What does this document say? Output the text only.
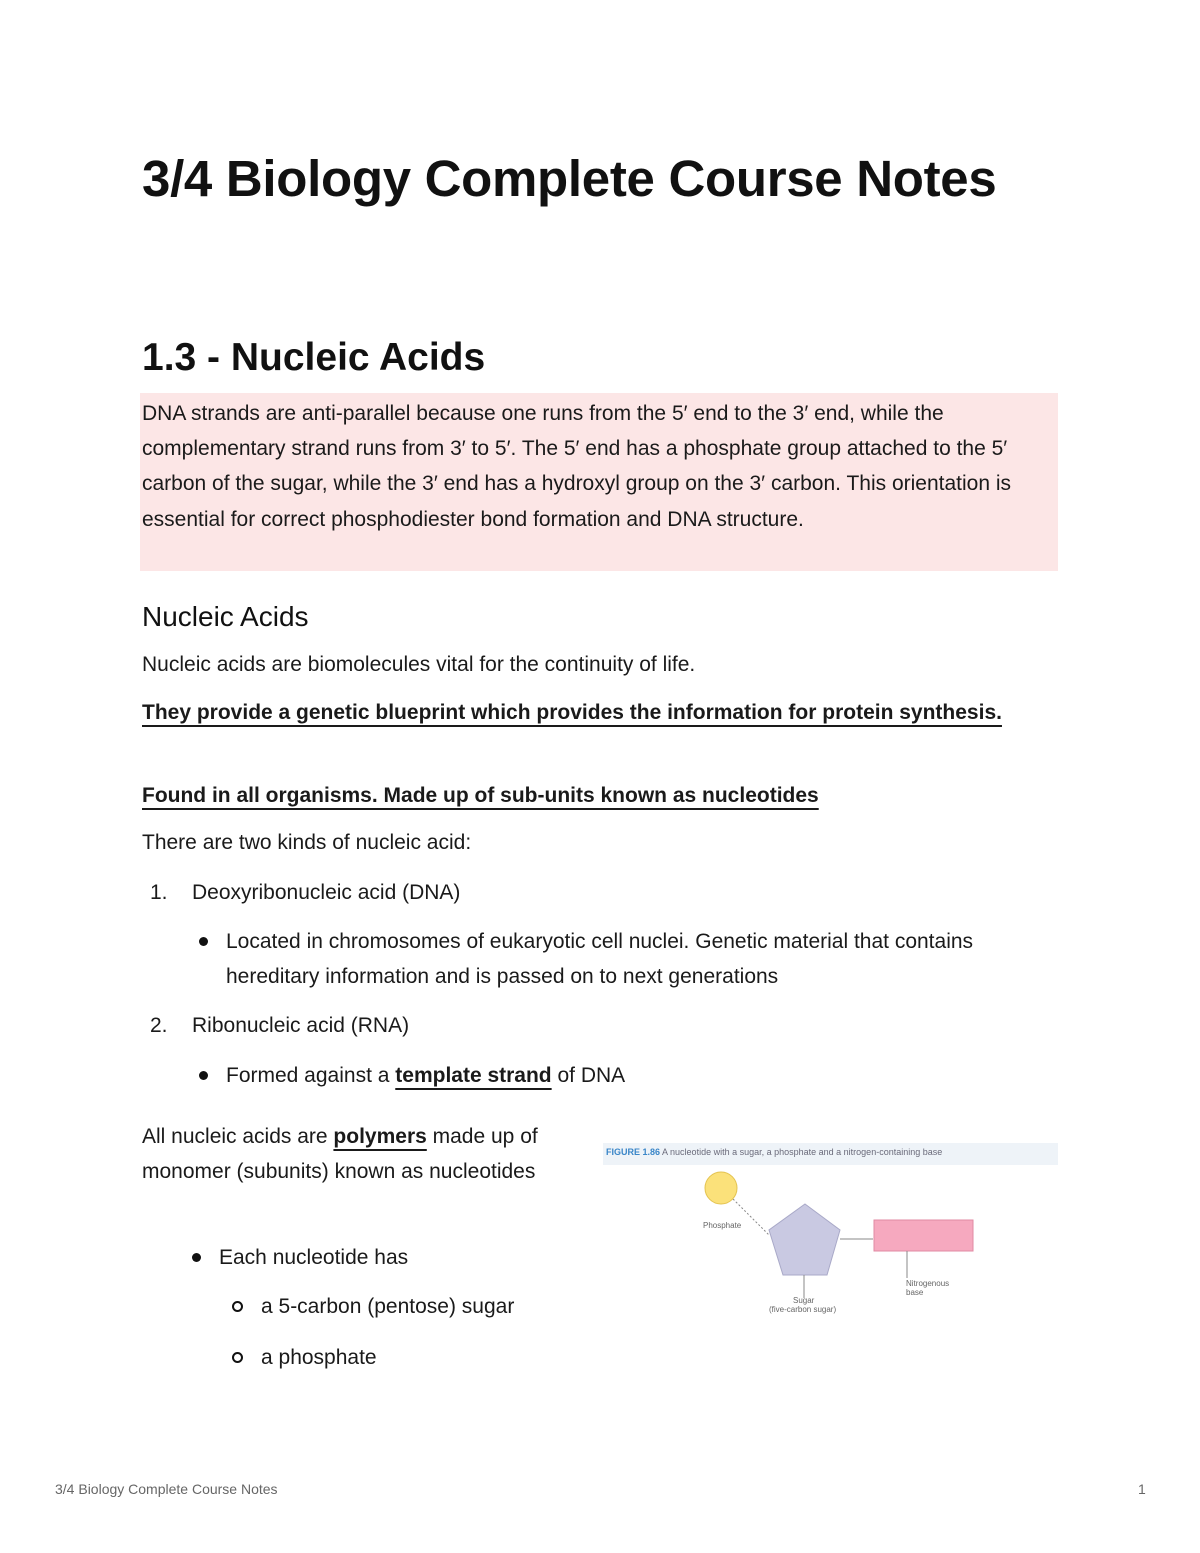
3/4 Biology Complete Course Notes
1.3 - Nucleic Acids

DNA strands are anti-parallel because one runs from the 5′ end to the 3′ end, while the complementary strand runs from 3′ to 5′. The 5′ end has a phosphate group attached to the 5′ carbon of the sugar, while the 3′ end has a hydroxyl group on the 3′ carbon. This orientation is essential for correct phosphodiester bond formation and DNA structure.

Nucleic Acids

Nucleic acids are biomolecules vital for the continuity of life.

They provide a genetic blueprint which provides the information for protein synthesis.

Found in all organisms. Made up of sub-units known as nucleotides

There are two kinds of nucleic acid:

1. Deoxyribonucleic acid (DNA)

Located in chromosomes of eukaryotic cell nuclei. Genetic material that contains hereditary information and is passed on to next generations

2. Ribonucleic acid (RNA)

Formed against a template strand of DNA

All nucleic acids are polymers made up of monomer (subunits) known as nucleotides

Each nucleotide has

a 5-carbon (pentose) sugar

a phosphate

FIGURE 1.86 A nucleotide with a sugar, a phosphate and a nitrogen-containing base
Phosphate
Sugar
(five-carbon sugar)
Nitrogenous
base
3/4 Biology Complete Course Notes	1
